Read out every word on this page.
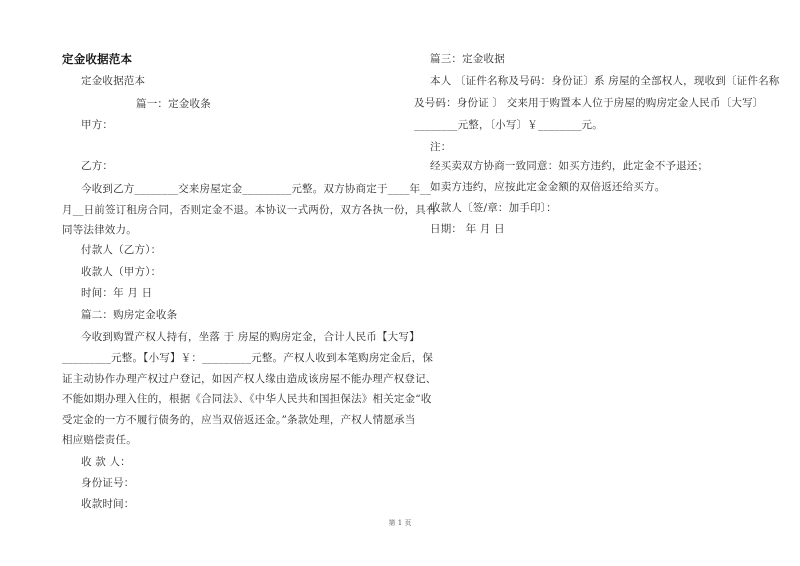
定金收据范本
定金收据范本
篇一：定金收条
甲方：
乙方：
今收到乙方________交来房屋定金_________元整。双方协商定于____年__
月__日前签订租房合同，否则定金不退。本协议一式两份，双方各执一份，具有
同等法律效力。
付款人（乙方）：
收款人（甲方）：
时间：年 月 日
篇二：购房定金收条
今收到购置产权人持有，坐落 于 房屋的购房定金，合计人民币【大写】
_________元整。【小写】￥：_________元整。产权人收到本笔购房定金后，保
证主动协作办理产权过户登记，如因产权人缘由造成该房屋不能办理产权登记、
不能如期办理入住的，根据《合同法》、《中华人民共和国担保法》相关定金“收
受定金的一方不履行债务的，应当双倍返还金。”条款处理，产权人情愿承当
相应赔偿责任。
收 款 人：
身份证号：
收款时间：
篇三：定金收据
本人 〔证件名称及号码：身份证〕系 房屋的全部权人，现收到〔证件名称
及号码：身份证 〕 交来用于购置本人位于房屋的购房定金人民币〔大写〕
________元整，〔小写〕￥________元。
注：
经买卖双方协商一致同意：如买方违约，此定金不予退还；
如卖方违约，应按此定金金额的双倍返还给买方。
收款人〔签/章：加手印〕：
日期： 年 月 日
第 1 页
